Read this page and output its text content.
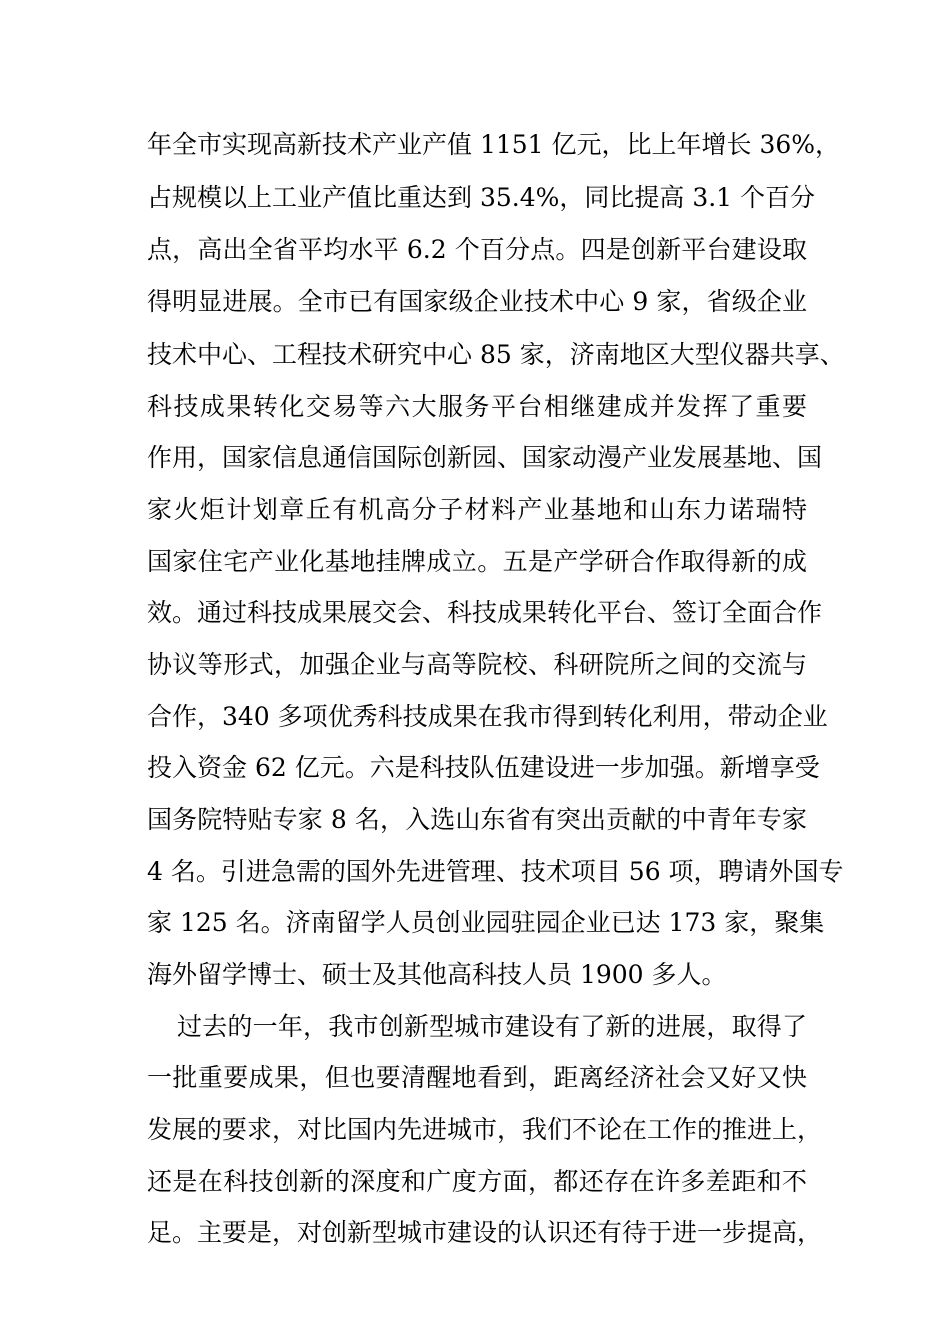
年全市实现高新技术产业产值 1151 亿元，比上年增长 36%，
占规模以上工业产值比重达到 35.4%，同比提高 3.1 个百分
点，高出全省平均水平 6.2 个百分点。四是创新平台建设取
得明显进展。全市已有国家级企业技术中心 9 家，省级企业
技术中心、工程技术研究中心 85 家，济南地区大型仪器共享、
科技成果转化交易等六大服务平台相继建成并发挥了重要
作用，国家信息通信国际创新园、国家动漫产业发展基地、国
家火炬计划章丘有机高分子材料产业基地和山东力诺瑞特
国家住宅产业化基地挂牌成立。五是产学研合作取得新的成
效。通过科技成果展交会、科技成果转化平台、签订全面合作
协议等形式，加强企业与高等院校、科研院所之间的交流与
合作，340 多项优秀科技成果在我市得到转化利用，带动企业
投入资金 62 亿元。六是科技队伍建设进一步加强。新增享受
国务院特贴专家 8 名，入选山东省有突出贡献的中青年专家
4 名。引进急需的国外先进管理、技术项目 56 项，聘请外国专
家 125 名。济南留学人员创业园驻园企业已达 173 家，聚集
海外留学博士、硕士及其他高科技人员 1900 多人。
过去的一年，我市创新型城市建设有了新的进展，取得了
一批重要成果，但也要清醒地看到，距离经济社会又好又快
发展的要求，对比国内先进城市，我们不论在工作的推进上，
还是在科技创新的深度和广度方面，都还存在许多差距和不
足。主要是，对创新型城市建设的认识还有待于进一步提高，
